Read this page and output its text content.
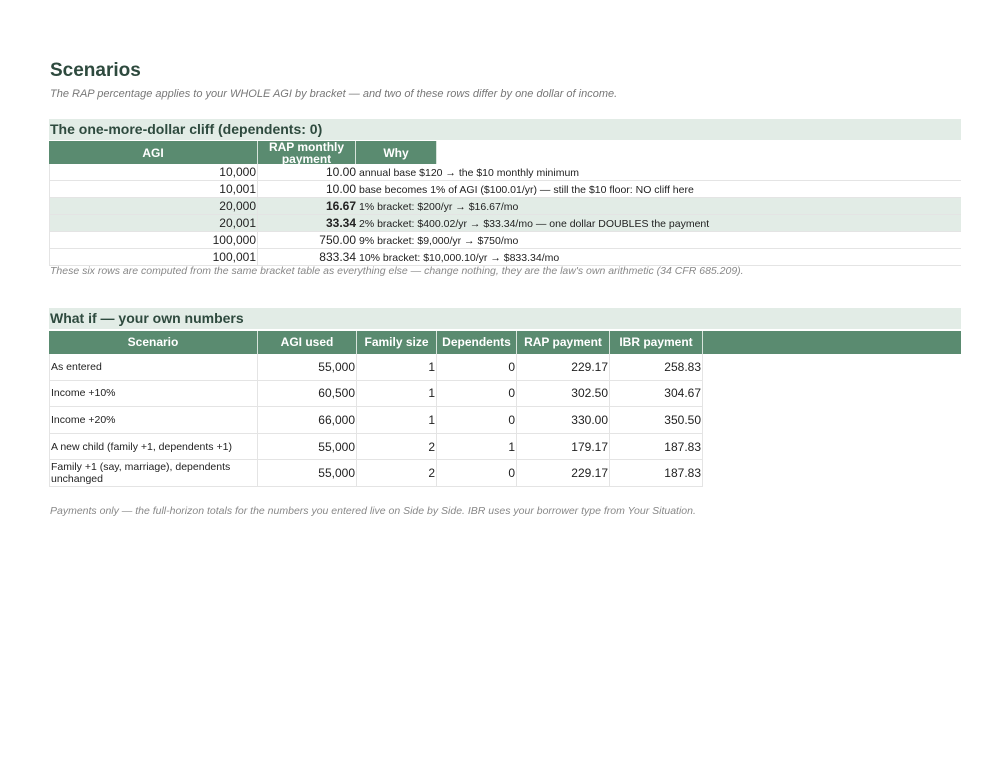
Scenarios
The RAP percentage applies to your WHOLE AGI by bracket — and two of these rows differ by one dollar of income.
The one-more-dollar cliff (dependents: 0)
AGI	RAP monthly payment	Why
10,000	10.00 annual base $120 → the $10 monthly minimum
10,001	10.00 base becomes 1% of AGI ($100.01/yr) — still the $10 floor: NO cliff here
20,000	16.67 1% bracket: $200/yr → $16.67/mo
20,001	33.34 2% bracket: $400.02/yr → $33.34/mo — one dollar DOUBLES the payment
100,000	750.00 9% bracket: $9,000/yr → $750/mo
100,001	833.34 10% bracket: $10,000.10/yr → $833.34/mo
These six rows are computed from the same bracket table as everything else — change nothing, they are the law's own arithmetic (34 CFR 685.209).
What if — your own numbers
Scenario	AGI used	Family size	Dependents	RAP payment	IBR payment
As entered	55,000	1	0	229.17	258.83
Income +10%	60,500	1	0	302.50	304.67
Income +20%	66,000	1	0	330.00	350.50
A new child (family +1, dependents +1)	55,000	2	1	179.17	187.83
Family +1 (say, marriage), dependents unchanged	55,000	2	0	229.17	187.83
Payments only — the full-horizon totals for the numbers you entered live on Side by Side. IBR uses your borrower type from Your Situation.
